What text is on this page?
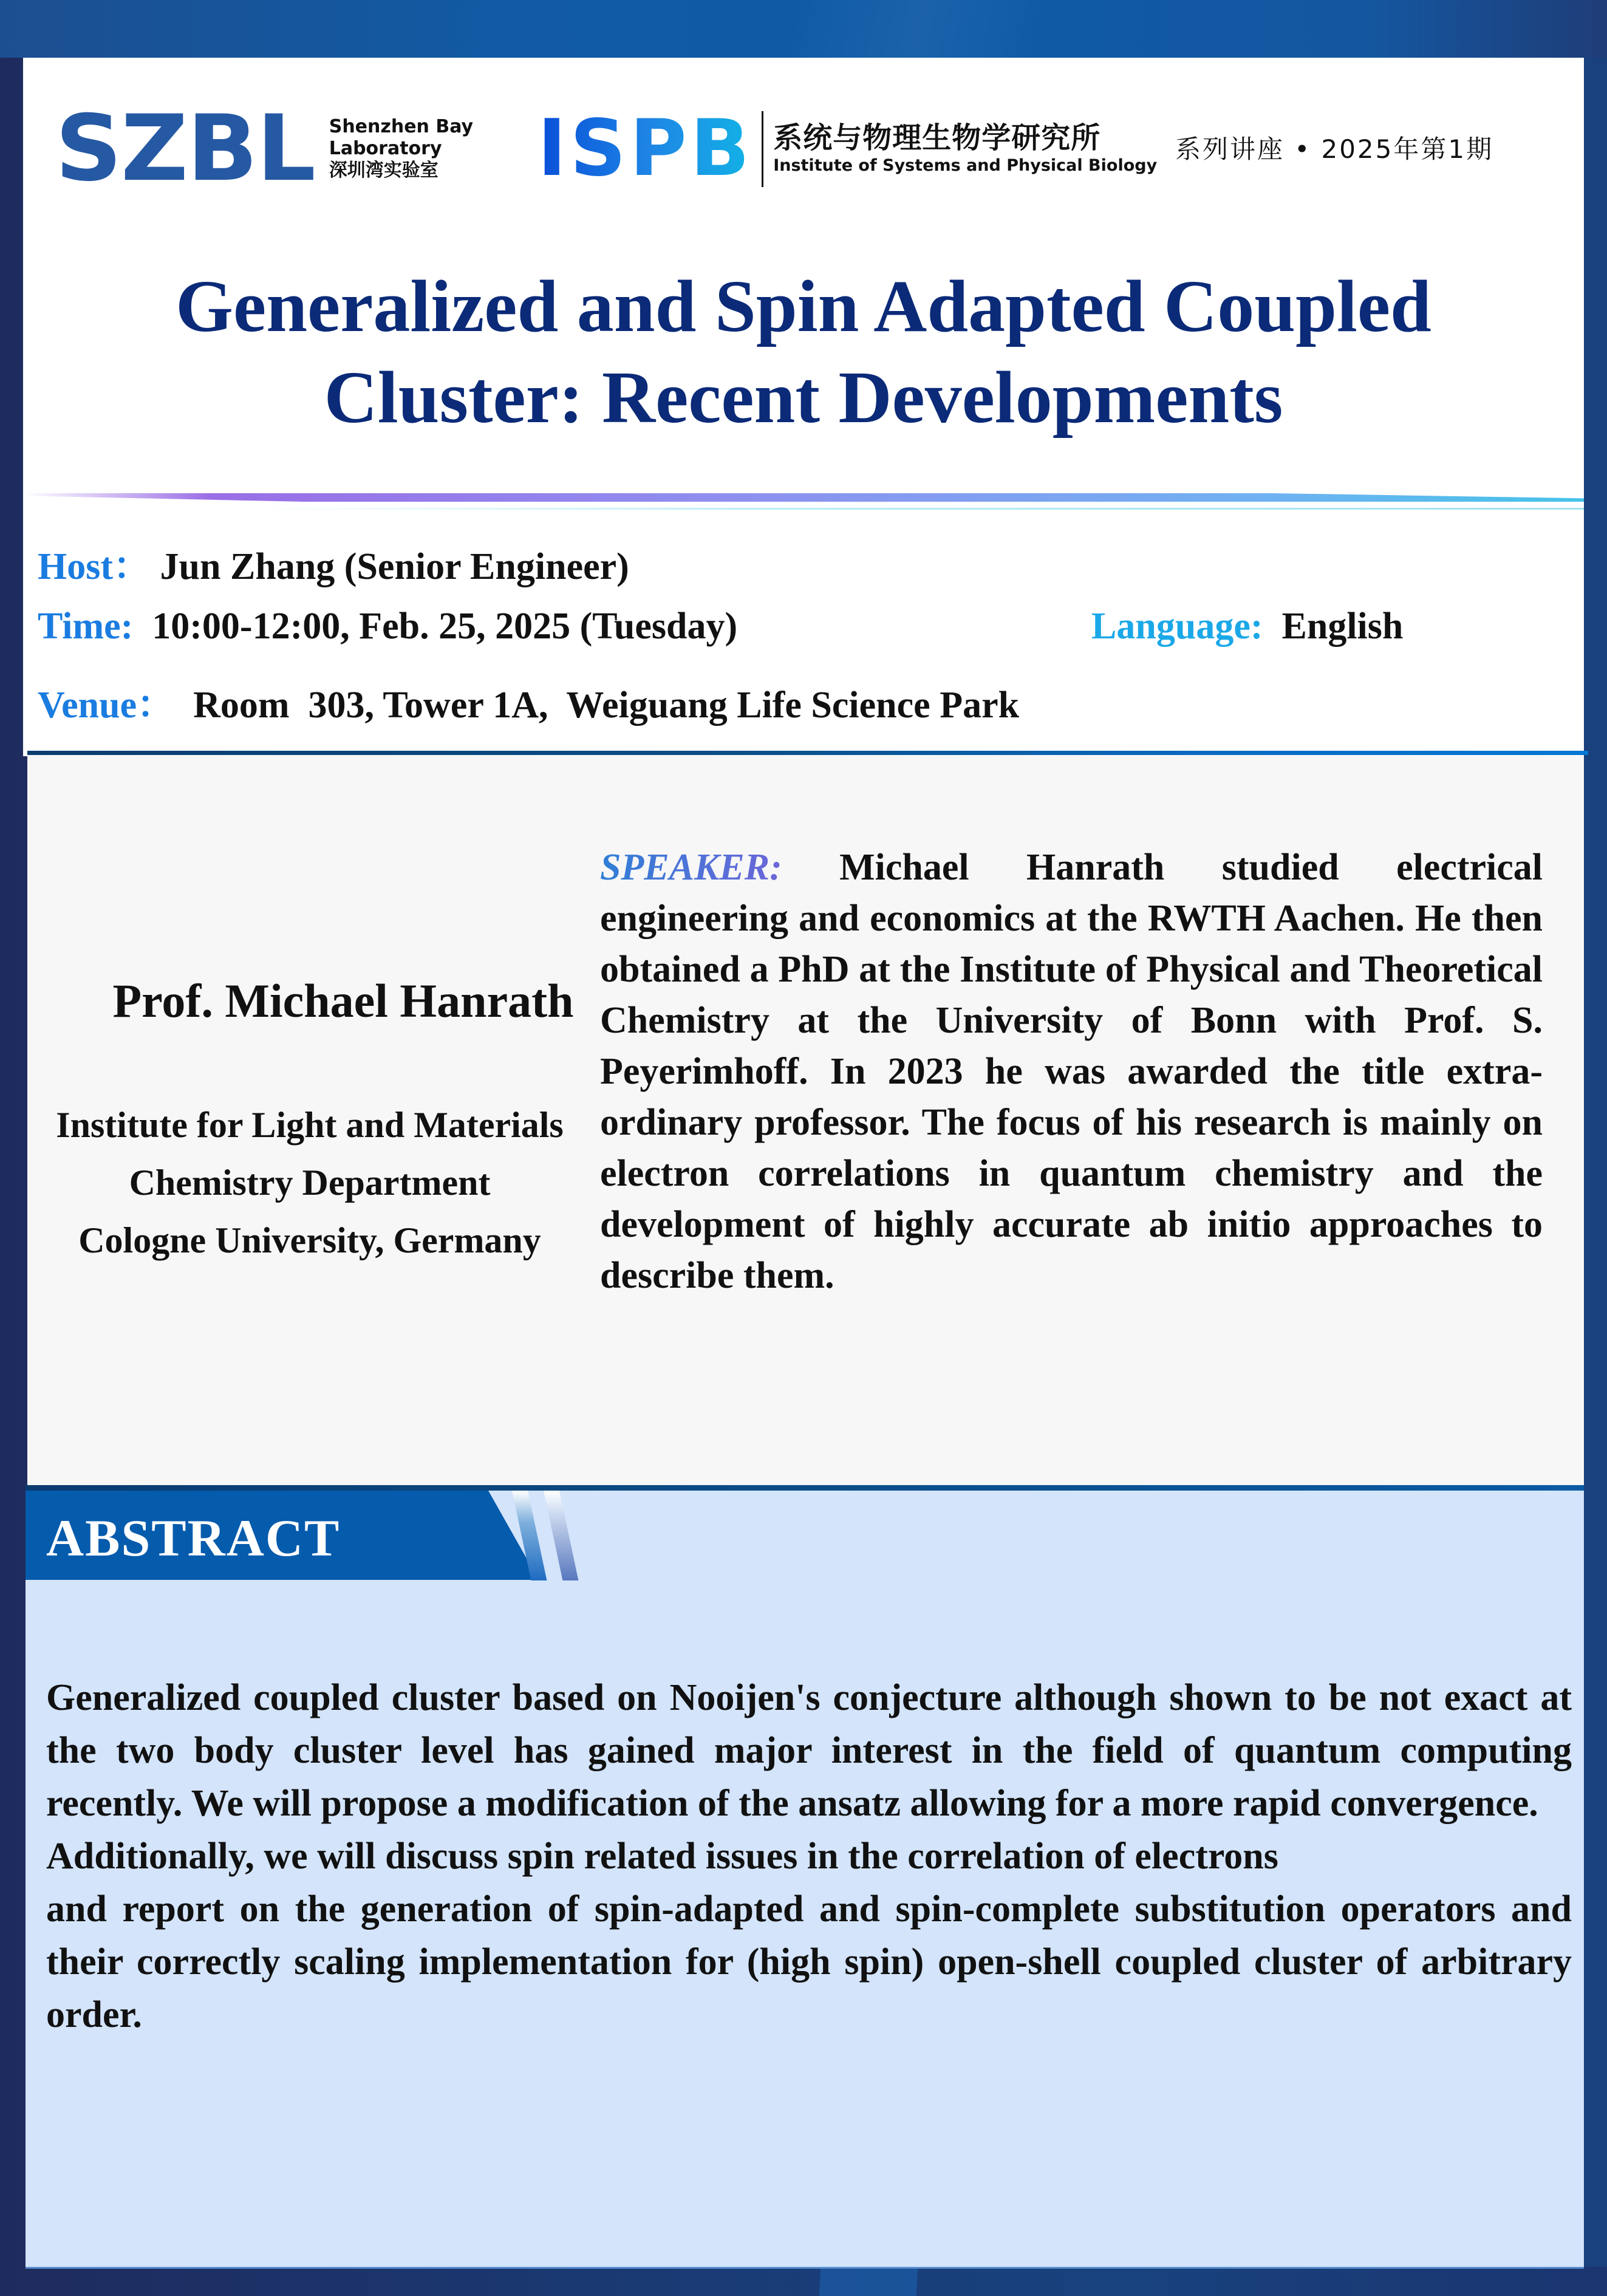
SZBL Shenzhen Bay
Laboratory
深圳湾实验室	ISPB 系统与物理生物学研究所
Institute of Systems and Physical Biology
系列讲座 • 2025年第1期
Generalized and Spin Adapted Coupled
Cluster: Recent Developments
Host： Jun Zhang (Senior Engineer)
Time:  10:00-12:00, Feb. 25, 2025 (Tuesday)	Language:  English
Venue：  Room  303, Tower 1A,  Weiguang Life Science Park
Prof. Michael Hanrath
Institute for Light and Materials
Chemistry Department
Cologne University, Germany
SPEAKER: Michael Hanrath studied electrical engineering and economics at the RWTH Aachen. He then obtained a PhD at the Institute of Physical and Theoretical Chemistry at the University of Bonn with Prof. S. Peyerimhoff. In 2023 he was awarded the title extra-ordinary professor. The focus of his research is mainly on electron correlations in quantum chemistry and the development of highly accurate ab initio approaches to describe them.
ABSTRACT

Generalized coupled cluster based on Nooijen's conjecture although shown to be not exact at the two body cluster level has gained major interest in the field of quantum computing recently. We will propose a modification of the ansatz allowing for a more rapid convergence.

Additionally, we will discuss spin related issues in the correlation of electrons

and report on the generation of spin-adapted and spin-complete substitution operators and their correctly scaling implementation for (high spin) open-shell coupled cluster of arbitrary order.
